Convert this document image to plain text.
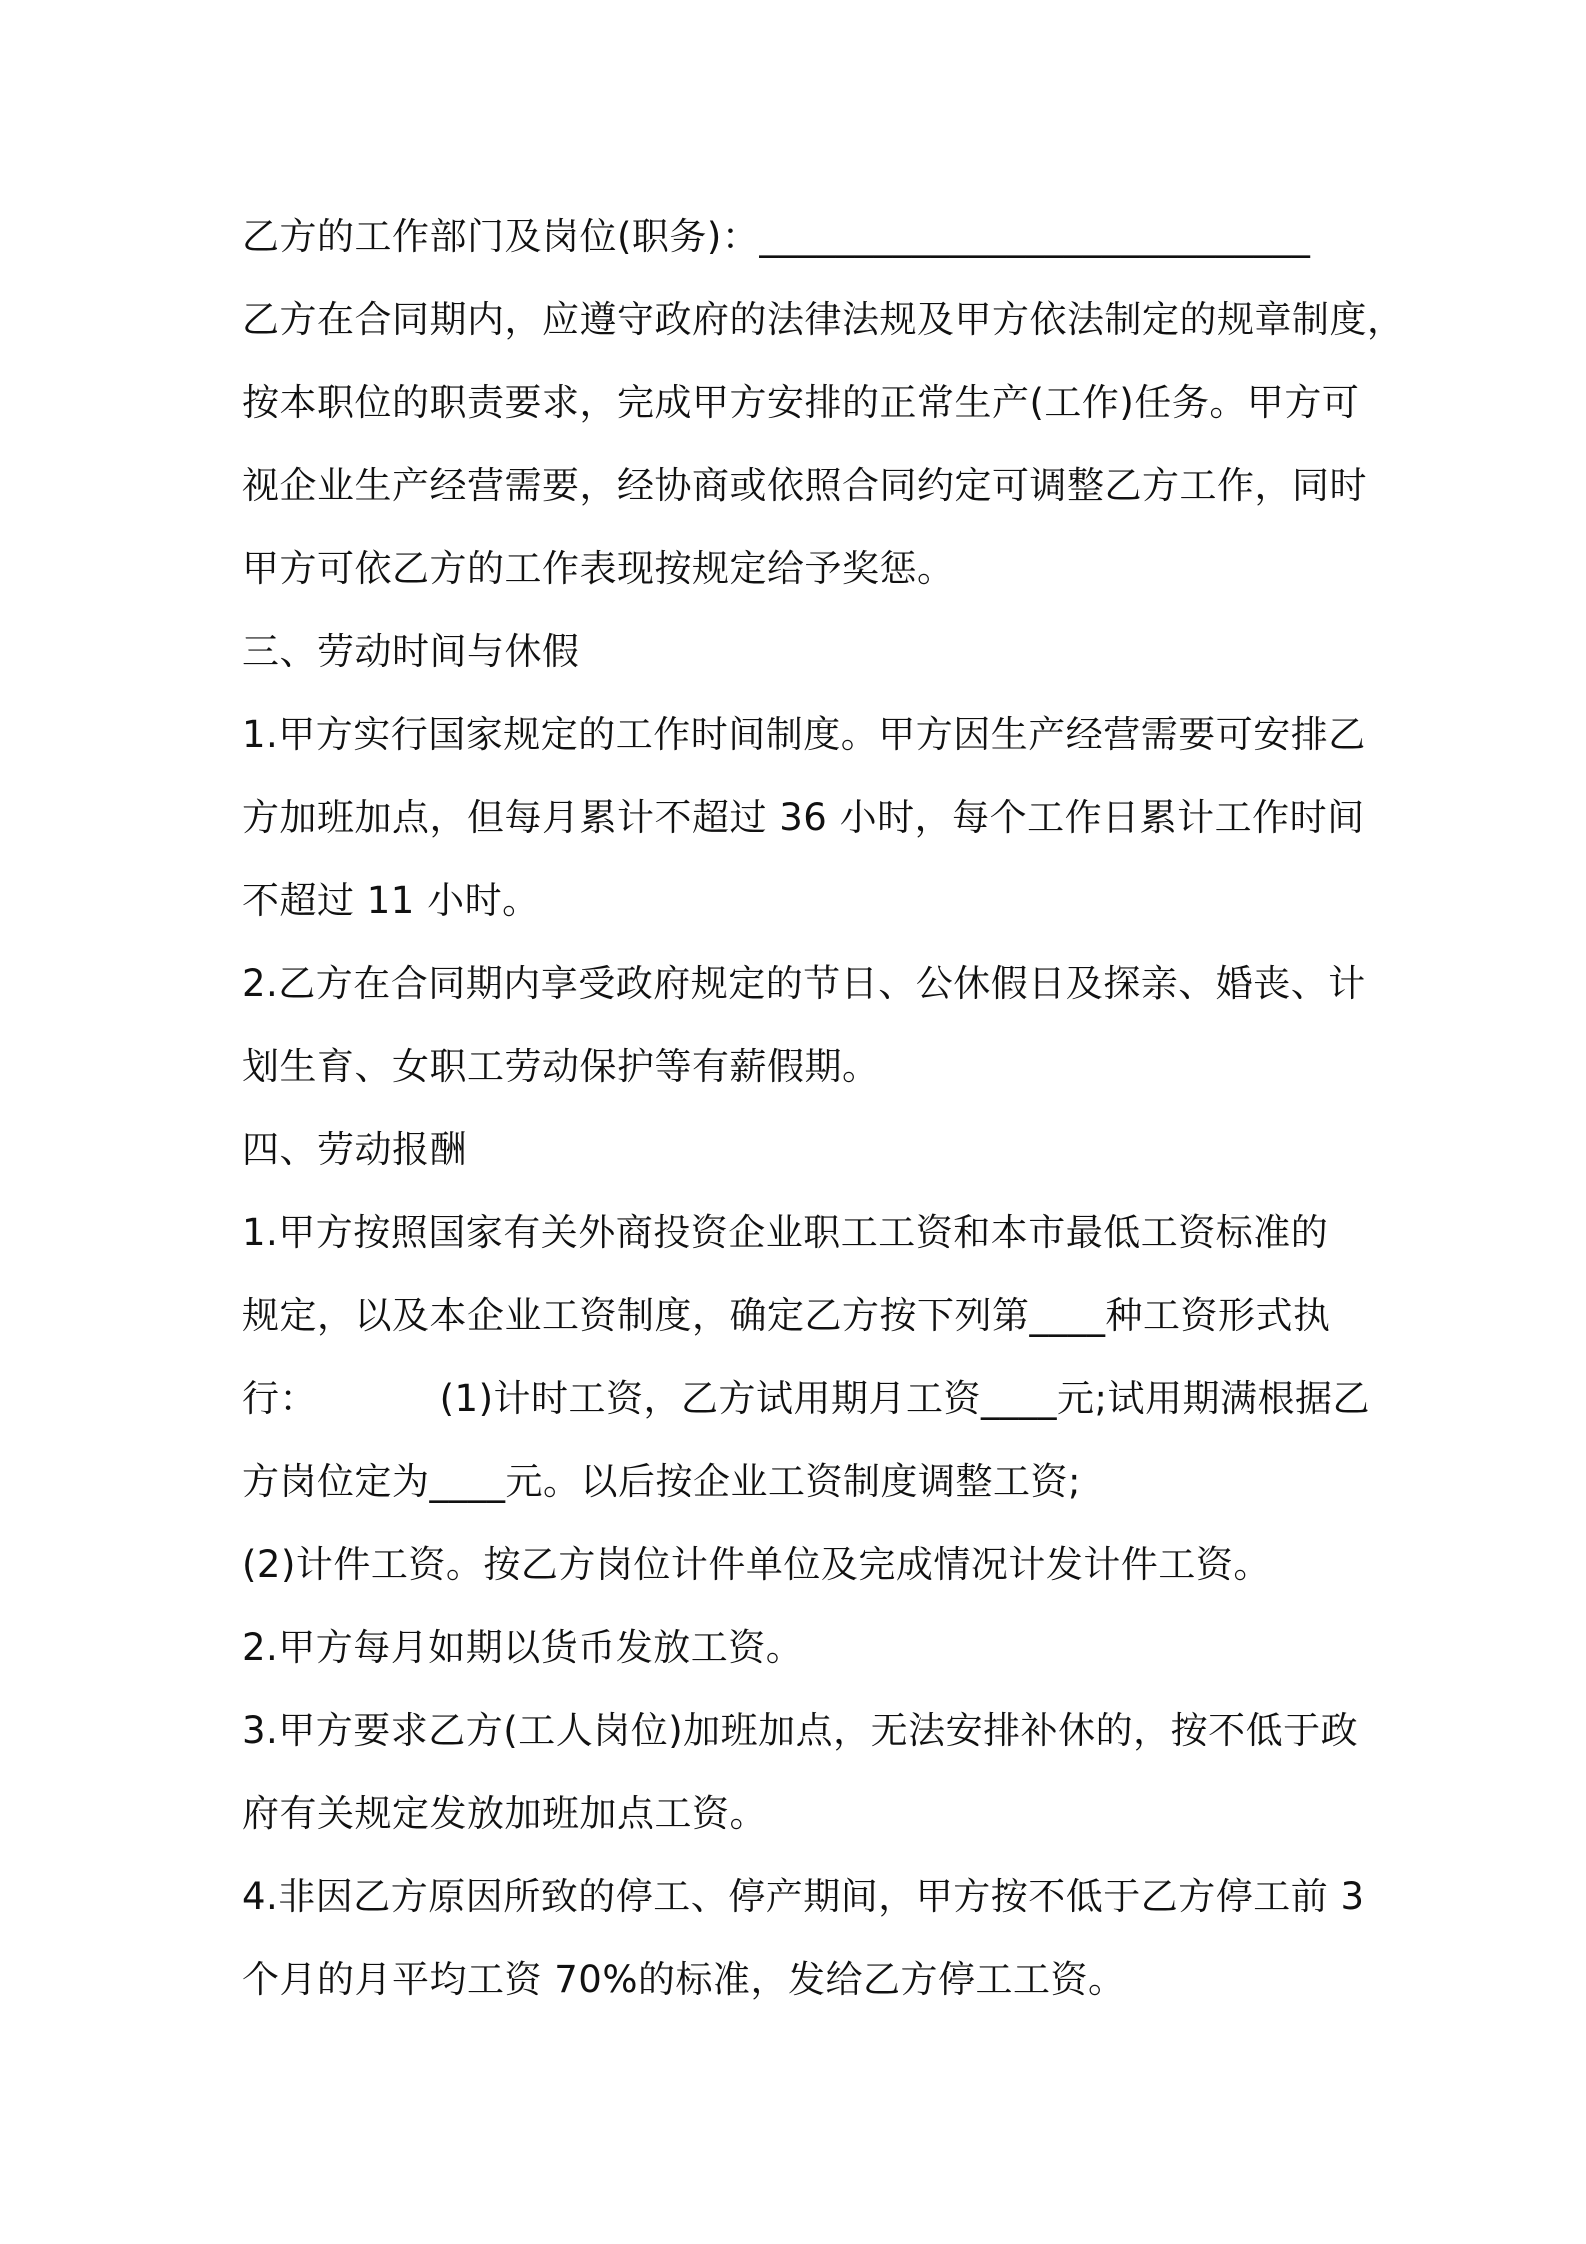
乙方的工作部门及岗位(职务)：_____________________________
乙方在合同期内，应遵守政府的法律法规及甲方依法制定的规章制度，
按本职位的职责要求，完成甲方安排的正常生产(工作)任务。甲方可
视企业生产经营需要，经协商或依照合同约定可调整乙方工作，同时
甲方可依乙方的工作表现按规定给予奖惩。
三、劳动时间与休假
1.甲方实行国家规定的工作时间制度。甲方因生产经营需要可安排乙
方加班加点，但每月累计不超过 36 小时，每个工作日累计工作时间
不超过 11 小时。
2.乙方在合同期内享受政府规定的节日、公休假日及探亲、婚丧、计
划生育、女职工劳动保护等有薪假期。
四、劳动报酬
1.甲方按照国家有关外商投资企业职工工资和本市最低工资标准的
规定，以及本企业工资制度，确定乙方按下列第____种工资形式执
行：          (1)计时工资，乙方试用期月工资____元;试用期满根据乙
方岗位定为____元。以后按企业工资制度调整工资;
(2)计件工资。按乙方岗位计件单位及完成情况计发计件工资。
2.甲方每月如期以货币发放工资。
3.甲方要求乙方(工人岗位)加班加点，无法安排补休的，按不低于政
府有关规定发放加班加点工资。
4.非因乙方原因所致的停工、停产期间，甲方按不低于乙方停工前 3
个月的月平均工资 70%的标准，发给乙方停工工资。
